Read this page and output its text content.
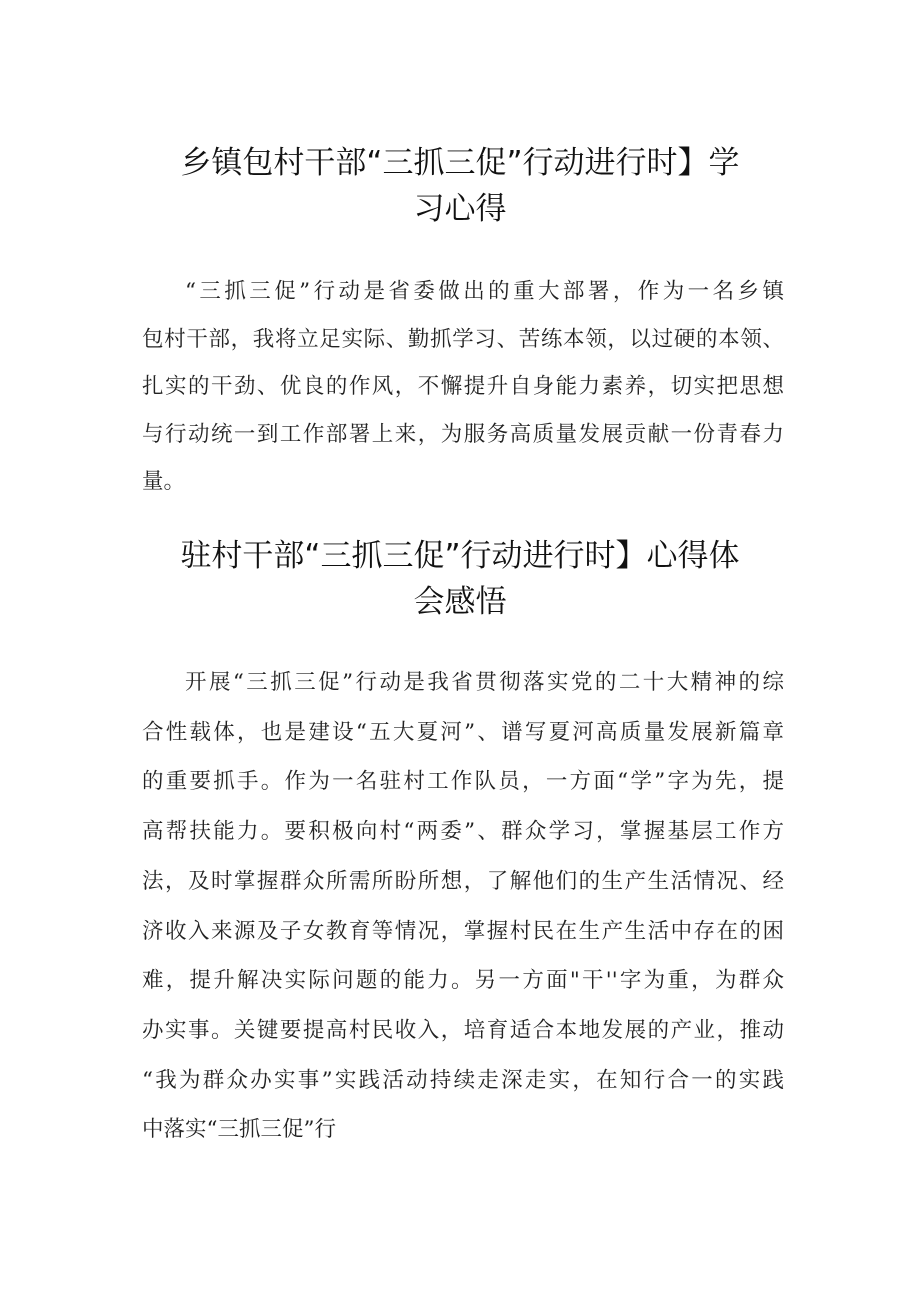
乡镇包村干部“三抓三促”行动进行时】学
习心得
“三抓三促”行动是省委做出的重大部署，作为一名乡镇
包村干部，我将立足实际、勤抓学习、苦练本领，以过硬的本领、
扎实的干劲、优良的作风，不懈提升自身能力素养，切实把思想
与行动统一到工作部署上来，为服务高质量发展贡献一份青春力
量。
驻村干部“三抓三促”行动进行时】心得体
会感悟
开展“三抓三促”行动是我省贯彻落实党的二十大精神的综
合性载体，也是建设“五大夏河”、谱写夏河高质量发展新篇章
的重要抓手。作为一名驻村工作队员，一方面“学”字为先，提
高帮扶能力。要积极向村“两委”、群众学习，掌握基层工作方
法，及时掌握群众所需所盼所想，了解他们的生产生活情况、经
济收入来源及子女教育等情况，掌握村民在生产生活中存在的困
难，提升解决实际问题的能力。另一方面"干''字为重，为群众
办实事。关键要提高村民收入，培育适合本地发展的产业，推动
“我为群众办实事”实践活动持续走深走实，在知行合一的实践
中落实“三抓三促”行
